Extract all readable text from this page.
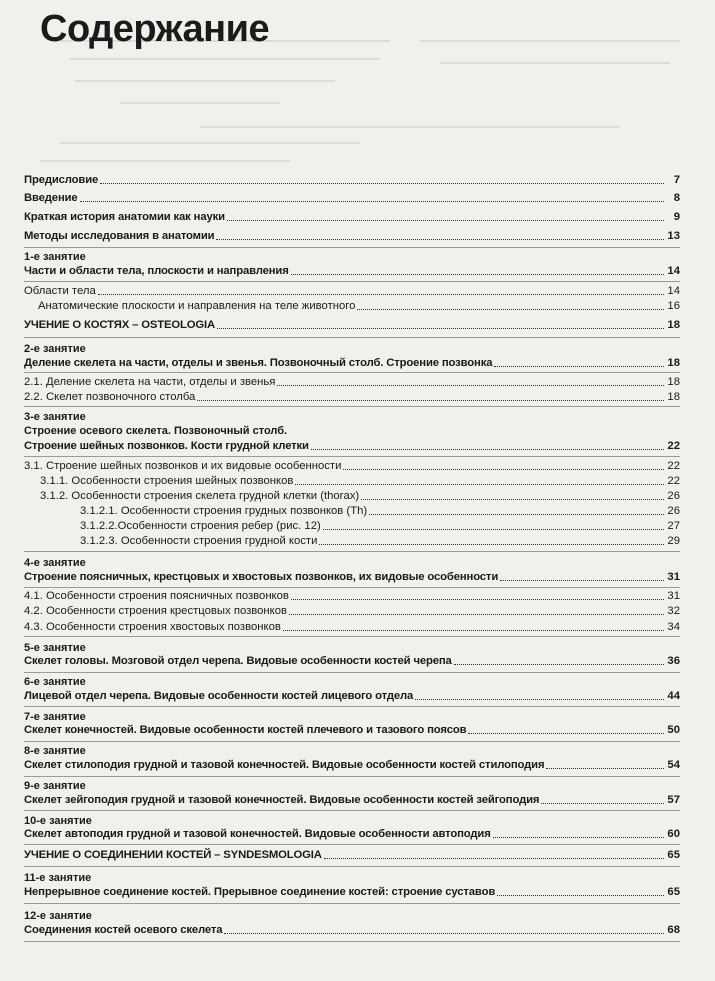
Содержание
Предисловие	7
Введение	8
Краткая история анатомии как науки	9
Методы исследования в анатомии	13
1-е занятие
Части и области тела, плоскости и направления	14
Области тела	14
Анатомические плоскости и направления на теле животного	16
УЧЕНИЕ О КОСТЯХ – OSTEOLOGIA	18
2-е занятие
Деление скелета на части, отделы и звенья. Позвоночный столб. Строение позвонка	18
2.1. Деление скелета на части, отделы и звенья	18
2.2. Скелет позвоночного столба	18
3-е занятие
Строение осевого скелета. Позвоночный столб.
Строение шейных позвонков. Кости грудной клетки	22
3.1. Строение шейных позвонков и их видовые особенности	22
3.1.1. Особенности строения шейных позвонков	22
3.1.2. Особенности строения скелета грудной клетки (thorax)	26
3.1.2.1. Особенности строения грудных позвонков (Th)	26
3.1.2.2.Особенности строения ребер (рис. 12)	27
3.1.2.3. Особенности строения грудной кости	29
4-е занятие
Строение поясничных, крестцовых и хвостовых позвонков, их видовые особенности	31
4.1. Особенности строения поясничных позвонков	31
4.2. Особенности строения крестцовых позвонков	32
4.3. Особенности строения хвостовых позвонков	34
5-е занятие
Скелет головы. Мозговой отдел черепа. Видовые особенности костей черепа	36
6-е занятие
Лицевой отдел черепа. Видовые особенности костей лицевого отдела	44
7-е занятие
Скелет конечностей. Видовые особенности костей плечевого и тазового поясов	50
8-е занятие
Скелет стилоподия грудной и тазовой конечностей. Видовые особенности костей стилоподия	54
9-е занятие
Скелет зейгоподия грудной и тазовой конечностей. Видовые особенности костей зейгоподия	57
10-е занятие
Скелет автоподия грудной и тазовой конечностей. Видовые особенности автоподия	60
УЧЕНИЕ О СОЕДИНЕНИИ КОСТЕЙ – SYNDESMOLOGIA	65
11-е занятие
Непрерывное соединение костей. Прерывное соединение костей: строение суставов	65
12-е занятие
Соединения костей осевого скелета	68
